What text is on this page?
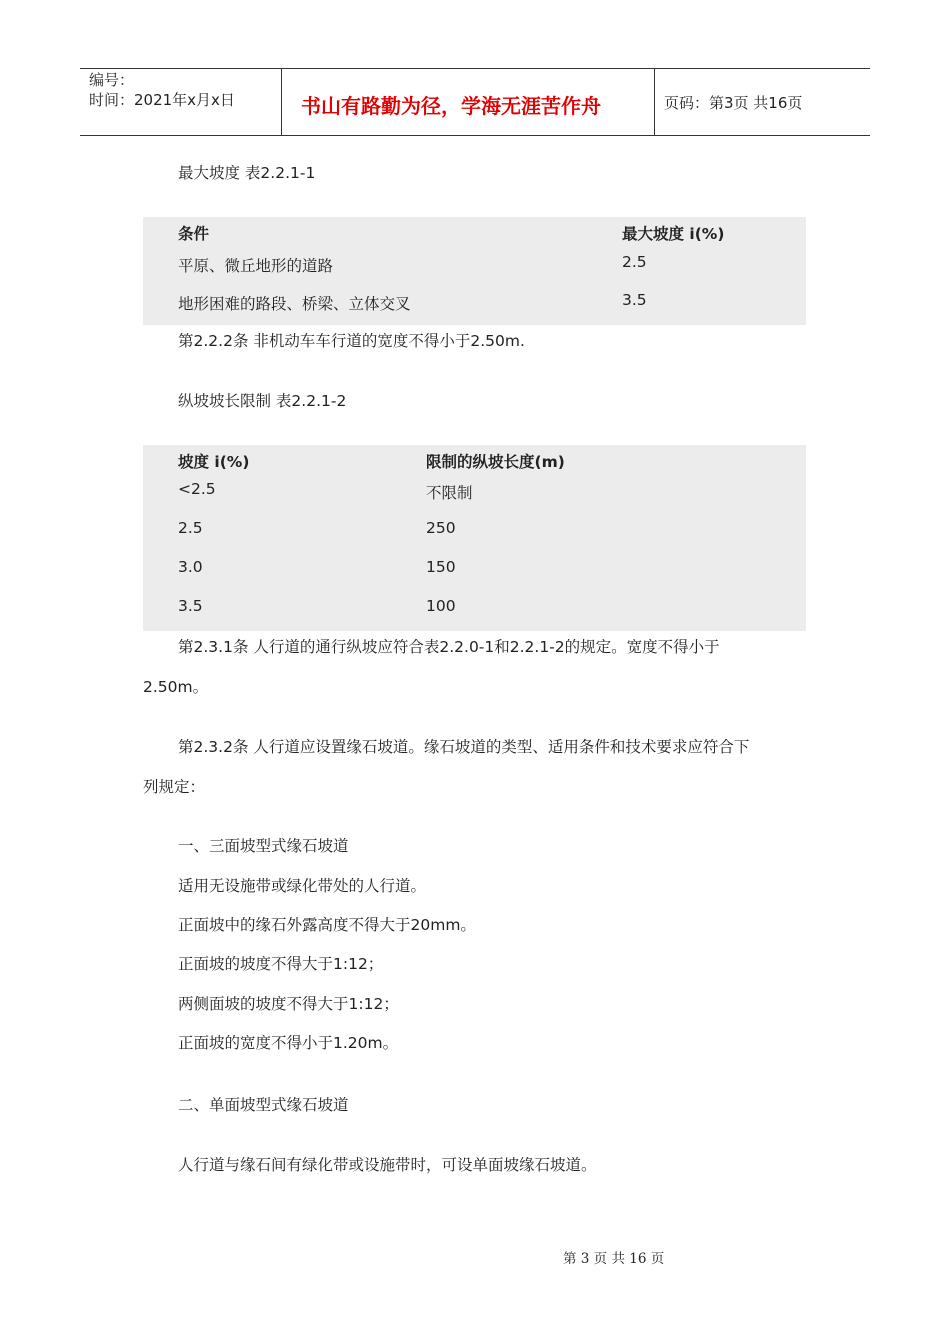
编号：
时间：2021年x月x日	书山有路勤为径，学海无涯苦作舟	页码：第3页 共16页
最大坡度 表2.2.1-1
条件	最大坡度 i(%)
平原、微丘地形的道路	2.5
地形困难的路段、桥梁、立体交叉	3.5
第2.2.2条 非机动车车行道的宽度不得小于2.50m.
纵坡坡长限制 表2.2.1-2
坡度 i(%)	限制的纵坡长度(m)
<2.5	不限制
2.5	250
3.0	150
3.5	100
第2.3.1条 人行道的通行纵坡应符合表2.2.0-1和2.2.1-2的规定。宽度不得小于
2.50m。
第2.3.2条 人行道应设置缘石坡道。缘石坡道的类型、适用条件和技术要求应符合下
列规定：
一、三面坡型式缘石坡道
适用无设施带或绿化带处的人行道。
正面坡中的缘石外露高度不得大于20mm。
正面坡的坡度不得大于1:12；
两侧面坡的坡度不得大于1:12；
正面坡的宽度不得小于1.20m。
二、单面坡型式缘石坡道
人行道与缘石间有绿化带或设施带时，可设单面坡缘石坡道。
第 3 页 共 16 页
